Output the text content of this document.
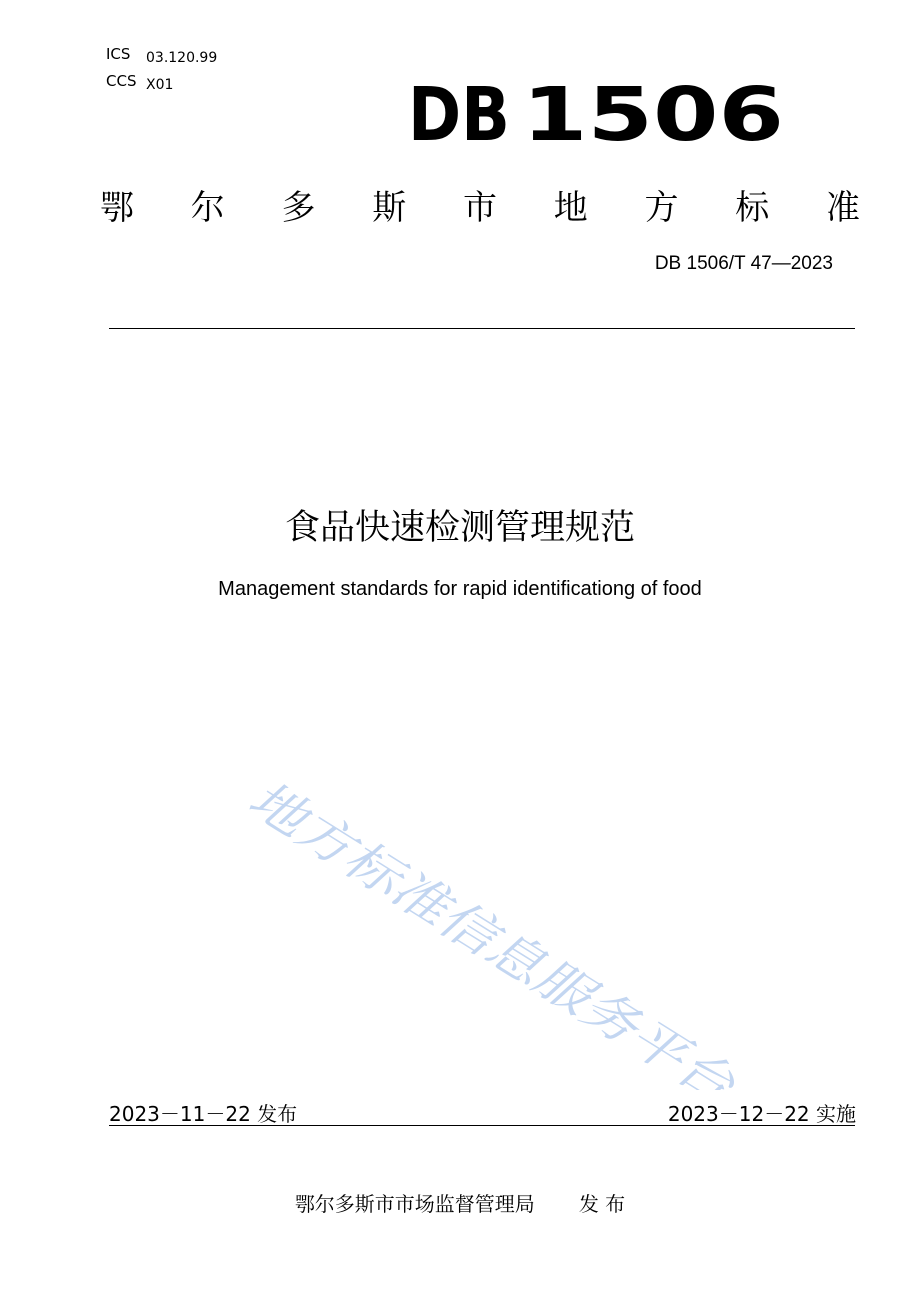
ICS 03.120.99
CCS X01	DB 1506
鄂 尔 多 斯 市 地 方 标 准
DB 1506/T 47—2023
食品快速检测管理规范
Management standards for rapid identificationg of food
地方标准信息服务平台
2023－11－22 发布	2023－12－22 实施
鄂尔多斯市市场监督管理局 发 布
